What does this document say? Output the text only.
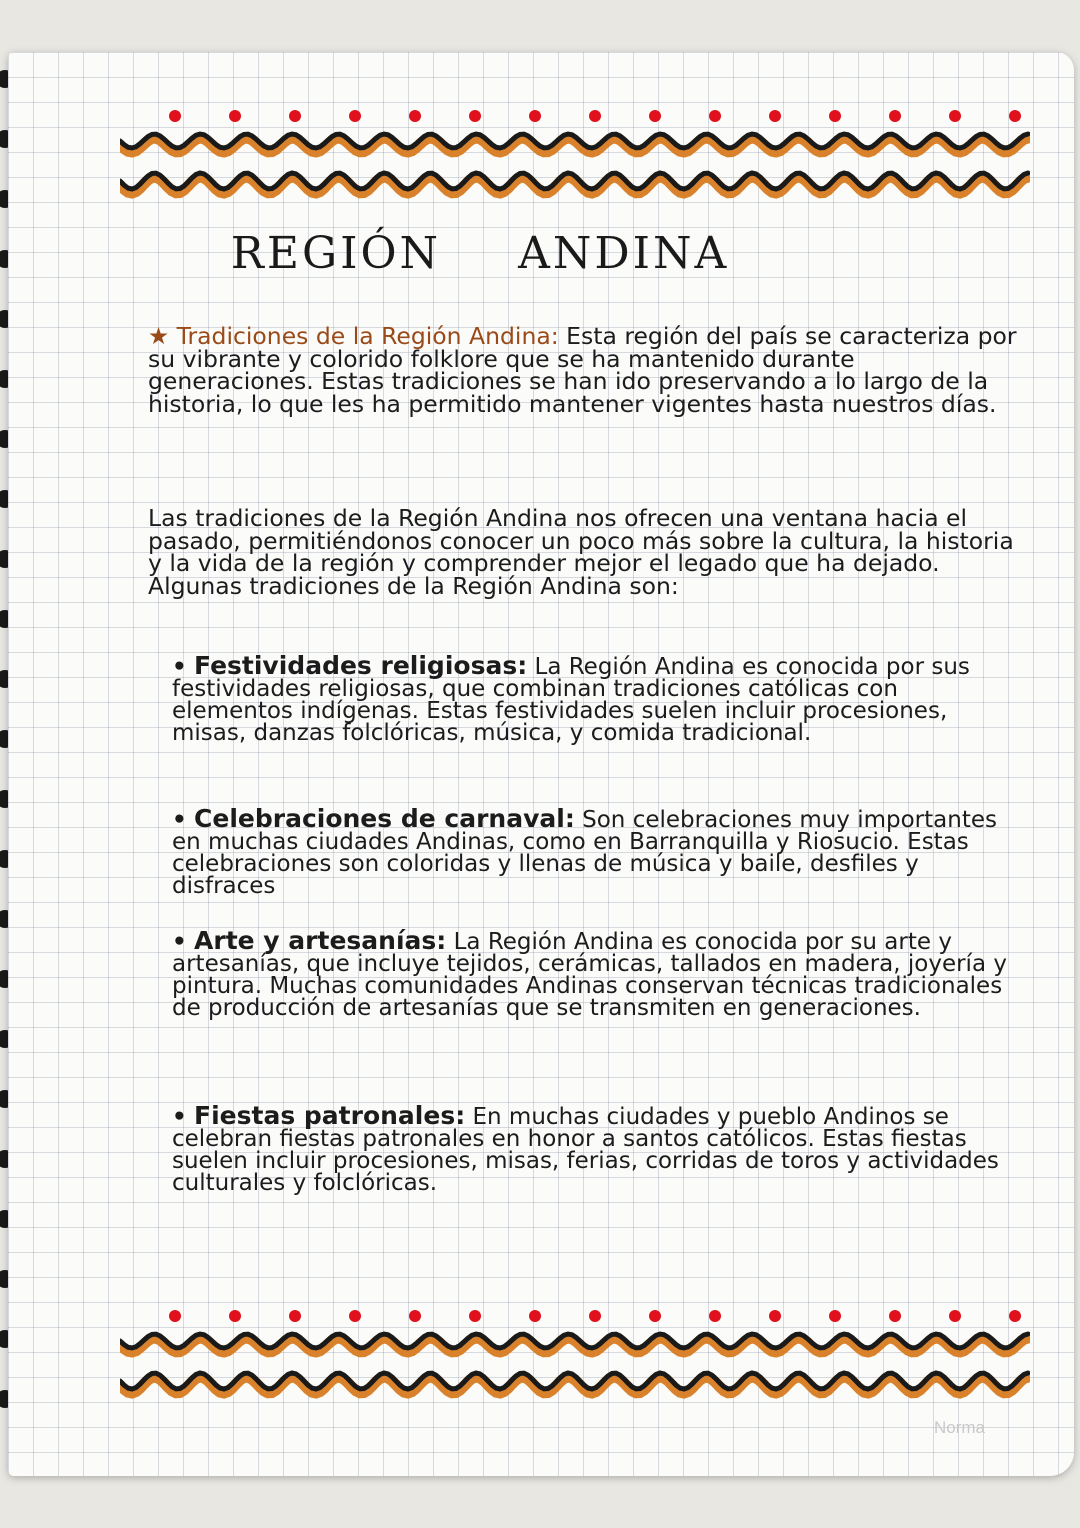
REGIÓN ANDINA

★ Tradiciones de la Región Andina: Esta región del país se caracteriza por su vibrante y colorido folklore que se ha mantenido durante generaciones. Estas tradiciones se han ido preservando a lo largo de la historia, lo que les ha permitido mantener vigentes hasta nuestros días.

Las tradiciones de la Región Andina nos ofrecen una ventana hacia el pasado, permitiéndonos conocer un poco más sobre la cultura, la historia y la vida de la región y comprender mejor el legado que ha dejado. Algunas tradiciones de la Región Andina son:

• Festividades religiosas: La Región Andina es conocida por sus festividades religiosas, que combinan tradiciones católicas con elementos indígenas. Estas festividades suelen incluir procesiones, misas, danzas folclóricas, música, y comida tradicional.

• Celebraciones de carnaval: Son celebraciones muy importantes en muchas ciudades Andinas, como en Barranquilla y Riosucio. Estas celebraciones son coloridas y llenas de música y baile, desfiles y disfraces

• Arte y artesanías: La Región Andina es conocida por su arte y artesanías, que incluye tejidos, cerámicas, tallados en madera, joyería y pintura. Muchas comunidades Andinas conservan técnicas tradicionales de producción de artesanías que se transmiten en generaciones.

• Fiestas patronales: En muchas ciudades y pueblo Andinos se celebran fiestas patronales en honor a santos católicos. Estas fiestas suelen incluir procesiones, misas, ferias, corridas de toros y actividades culturales y folclóricas.

Norma
